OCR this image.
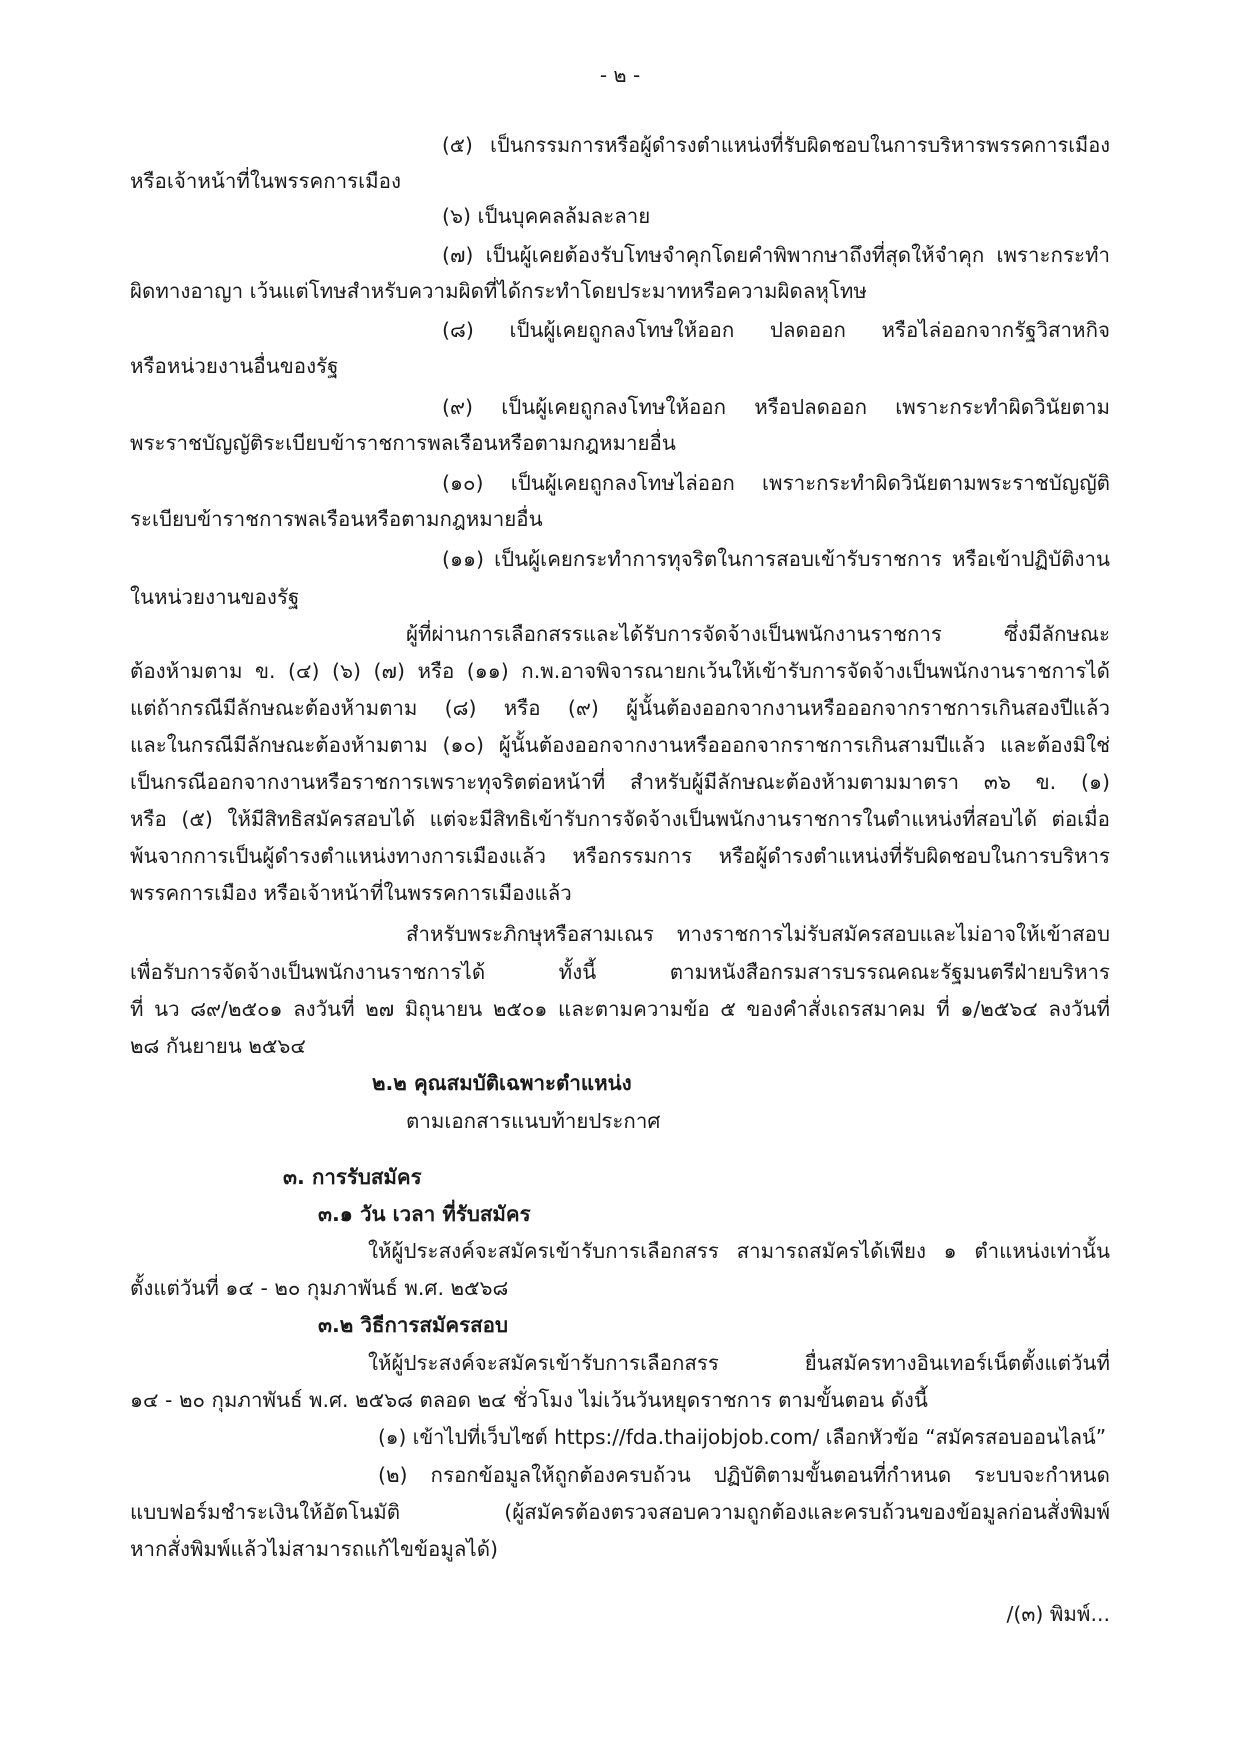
- ๒ -
(๕) เป็นกรรมการหรือผู้ดำรงตำแหน่งที่รับผิดชอบในการบริหารพรรคการเมือง
หรือเจ้าหน้าที่ในพรรคการเมือง
(๖) เป็นบุคคลล้มละลาย
(๗) เป็นผู้เคยต้องรับโทษจำคุกโดยคำพิพากษาถึงที่สุดให้จำคุก เพราะกระทำ
ผิดทางอาญา เว้นแต่โทษสำหรับความผิดที่ได้กระทำโดยประมาทหรือความผิดลหุโทษ
(๘) เป็นผู้เคยถูกลงโทษให้ออก ปลดออก หรือไล่ออกจากรัฐวิสาหกิจ
หรือหน่วยงานอื่นของรัฐ
(๙) เป็นผู้เคยถูกลงโทษให้ออก หรือปลดออก เพราะกระทำผิดวินัยตาม
พระราชบัญญัติระเบียบข้าราชการพลเรือนหรือตามกฎหมายอื่น
(๑๐) เป็นผู้เคยถูกลงโทษไล่ออก เพราะกระทำผิดวินัยตามพระราชบัญญัติ
ระเบียบข้าราชการพลเรือนหรือตามกฎหมายอื่น
(๑๑) เป็นผู้เคยกระทำการทุจริตในการสอบเข้ารับราชการ หรือเข้าปฏิบัติงาน
ในหน่วยงานของรัฐ
ผู้ที่ผ่านการเลือกสรรและได้รับการจัดจ้างเป็นพนักงานราชการ ซึ่งมีลักษณะ
ต้องห้ามตาม ข. (๔) (๖) (๗) หรือ (๑๑) ก.พ.อาจพิจารณายกเว้นให้เข้ารับการจัดจ้างเป็นพนักงานราชการได้
แต่ถ้ากรณีมีลักษณะต้องห้ามตาม (๘) หรือ (๙) ผู้นั้นต้องออกจากงานหรือออกจากราชการเกินสองปีแล้ว
และในกรณีมีลักษณะต้องห้ามตาม (๑๐) ผู้นั้นต้องออกจากงานหรือออกจากราชการเกินสามปีแล้ว และต้องมิใช่
เป็นกรณีออกจากงานหรือราชการเพราะทุจริตต่อหน้าที่ สำหรับผู้มีลักษณะต้องห้ามตามมาตรา ๓๖ ข. (๑)
หรือ (๕) ให้มีสิทธิสมัครสอบได้ แต่จะมีสิทธิเข้ารับการจัดจ้างเป็นพนักงานราชการในตำแหน่งที่สอบได้ ต่อเมื่อ
พ้นจากการเป็นผู้ดำรงตำแหน่งทางการเมืองแล้ว หรือกรรมการ หรือผู้ดำรงตำแหน่งที่รับผิดชอบในการบริหาร
พรรคการเมือง หรือเจ้าหน้าที่ในพรรคการเมืองแล้ว
สำหรับพระภิกษุหรือสามเณร ทางราชการไม่รับสมัครสอบและไม่อาจให้เข้าสอบ
เพื่อรับการจัดจ้างเป็นพนักงานราชการได้ ทั้งนี้ ตามหนังสือกรมสารบรรณคณะรัฐมนตรีฝ่ายบริหาร
ที่ นว ๘๙/๒๕๐๑ ลงวันที่ ๒๗ มิถุนายน ๒๕๐๑ และตามความข้อ ๕ ของคำสั่งเถรสมาคม ที่ ๑/๒๕๖๔ ลงวันที่
๒๘ กันยายน ๒๕๖๔
๒.๒ คุณสมบัติเฉพาะตำแหน่ง
ตามเอกสารแนบท้ายประกาศ
๓. การรับสมัคร
๓.๑ วัน เวลา ที่รับสมัคร
ให้ผู้ประสงค์จะสมัครเข้ารับการเลือกสรร สามารถสมัครได้เพียง ๑ ตำแหน่งเท่านั้น
ตั้งแต่วันที่ ๑๔ - ๒๐ กุมภาพันธ์ พ.ศ. ๒๕๖๘
๓.๒ วิธีการสมัครสอบ
ให้ผู้ประสงค์จะสมัครเข้ารับการเลือกสรร ยื่นสมัครทางอินเทอร์เน็ตตั้งแต่วันที่
๑๔ - ๒๐ กุมภาพันธ์ พ.ศ. ๒๕๖๘ ตลอด ๒๔ ชั่วโมง ไม่เว้นวันหยุดราชการ ตามขั้นตอน ดังนี้
(๑) เข้าไปที่เว็บไซต์ https://fda.thaijobjob.com/ เลือกหัวข้อ “สมัครสอบออนไลน์”
(๒) กรอกข้อมูลให้ถูกต้องครบถ้วน ปฏิบัติตามขั้นตอนที่กำหนด ระบบจะกำหนด
แบบฟอร์มชำระเงินให้อัตโนมัติ (ผู้สมัครต้องตรวจสอบความถูกต้องและครบถ้วนของข้อมูลก่อนสั่งพิมพ์
หากสั่งพิมพ์แล้วไม่สามารถแก้ไขข้อมูลได้)
/(๓) พิมพ์...
